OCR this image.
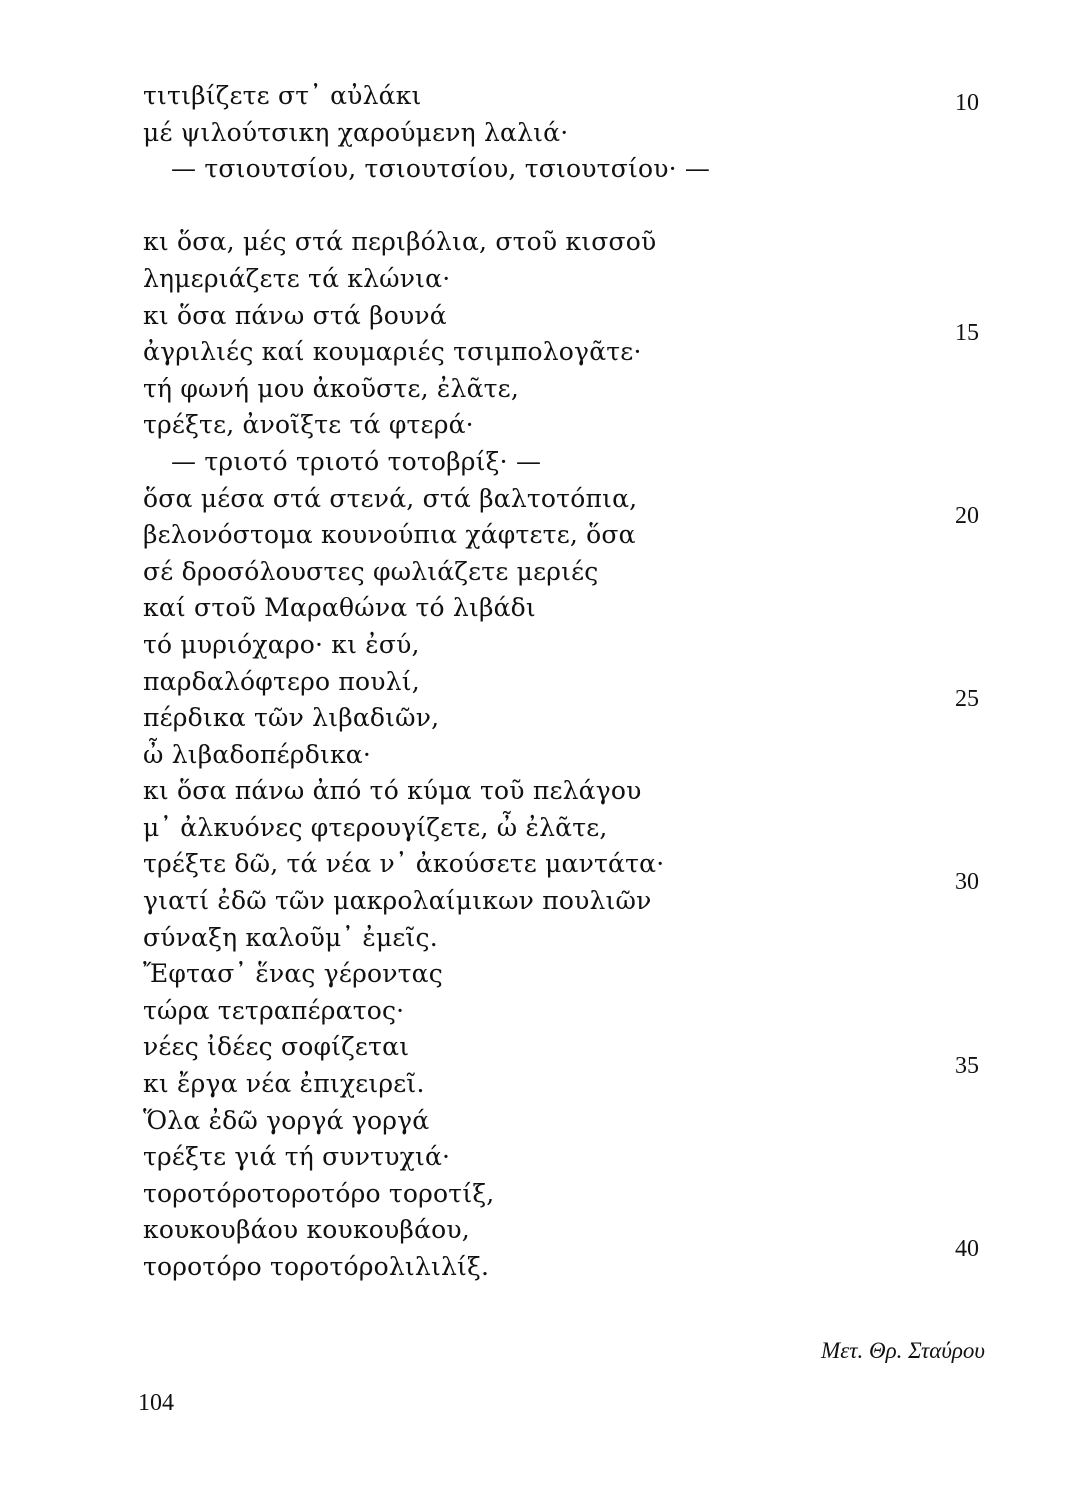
τιτιβίζετε στ᾽ αὐλάκι
μέ ψιλούτσικη χαρούμενη λαλιά·
— τσιουτσίου, τσιουτσίου, τσιουτσίου· —
κι ὅσα, μές στά περιβόλια, στοῦ κισσοῦ
λημεριάζετε τά κλώνια·
κι ὅσα πάνω στά βουνά
ἀγριλιές καί κουμαριές τσιμπολογᾶτε·
τή φωνή μου ἀκοῦστε, ἐλᾶτε,
τρέξτε, ἀνοῖξτε τά φτερά·
— τριοτό τριοτό τοτοβρίξ· —
ὅσα μέσα στά στενά, στά βαλτοτόπια,
βελονόστομα κουνούπια χάφτετε, ὅσα
σέ δροσόλουστες φωλιάζετε μεριές
καί στοῦ Μαραθώνα τό λιβάδι
τό μυριόχαρο· κι ἐσύ,
παρδαλόφτερο πουλί,
πέρδικα τῶν λιβαδιῶν,
ὦ λιβαδοπέρδικα·
κι ὅσα πάνω ἀπό τό κύμα τοῦ πελάγου
μ᾽ ἀλκυόνες φτερουγίζετε, ὦ ἐλᾶτε,
τρέξτε δῶ, τά νέα ν᾽ ἀκούσετε μαντάτα·
γιατί ἐδῶ τῶν μακρολαίμικων πουλιῶν
σύναξη καλοῦμ᾽ ἐμεῖς.
Ἔφτασ᾽ ἕνας γέροντας
τώρα τετραπέρατος·
νέες ἰδέες σοφίζεται
κι ἔργα νέα ἐπιχειρεῖ.
Ὅλα ἐδῶ γοργά γοργά
τρέξτε γιά τή συντυχιά·
τοροτόροτοροτόρο τοροτίξ,
κουκουβάου κουκουβάου,
τοροτόρο τοροτόρολιλιλίξ.
10
15
20
25
30
35
40
Μετ. Θρ. Σταύρου
104
